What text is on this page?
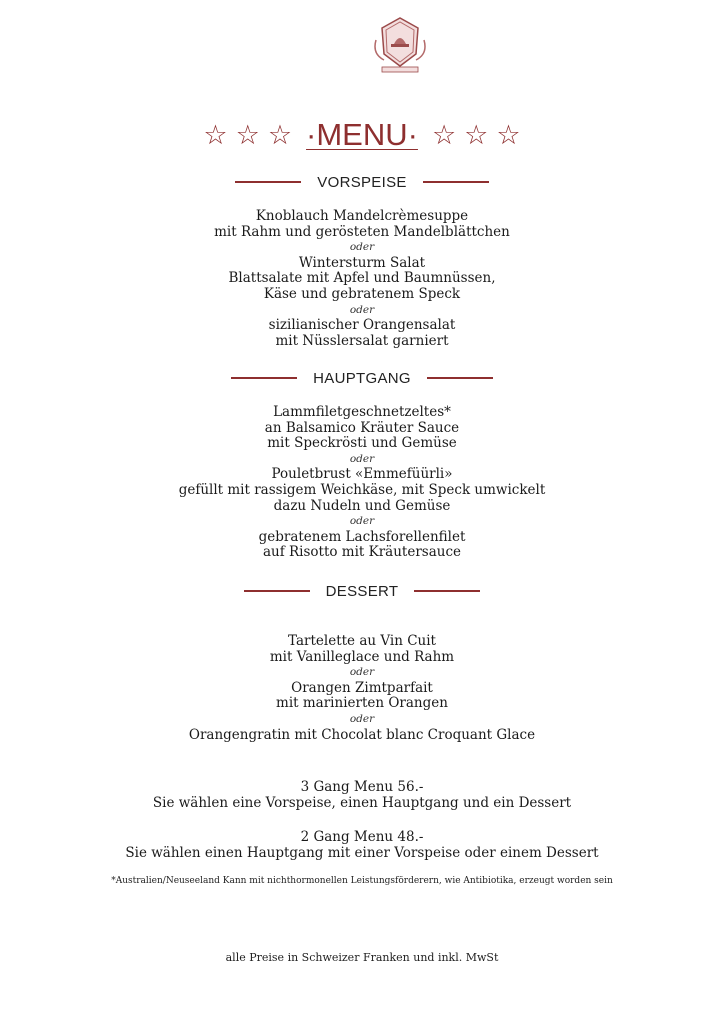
☆ ☆ ☆ ·MENU· ☆ ☆ ☆
VORSPEISE
Knoblauch Mandelcrèmesuppe
mit Rahm und gerösteten Mandelblättchen
oder
Wintersturm Salat
Blattsalate mit Apfel und Baumnüssen,
Käse und gebratenem Speck
oder
sizilianischer Orangensalat
mit Nüsslersalat garniert
HAUPTGANG
Lammfiletgeschnetzeltes*
an Balsamico Kräuter Sauce
mit Speckrösti und Gemüse
oder
Pouletbrust «Emmefüürli»
gefüllt mit rassigem Weichkäse, mit Speck umwickelt
dazu Nudeln und Gemüse
oder
gebratenem Lachsforellenfilet
auf Risotto mit Kräutersauce
DESSERT
Tartelette au Vin Cuit
mit Vanilleglace und Rahm
oder
Orangen Zimtparfait
mit marinierten Orangen
oder
Orangengratin mit Chocolat blanc Croquant Glace
3 Gang Menu 56.-
Sie wählen eine Vorspeise, einen Hauptgang und ein Dessert
2 Gang Menu 48.-
Sie wählen einen Hauptgang mit einer Vorspeise oder einem Dessert
*Australien/Neuseeland Kann mit nichthormonellen Leistungsförderern, wie Antibiotika, erzeugt worden sein
alle Preise in Schweizer Franken und inkl. MwSt
